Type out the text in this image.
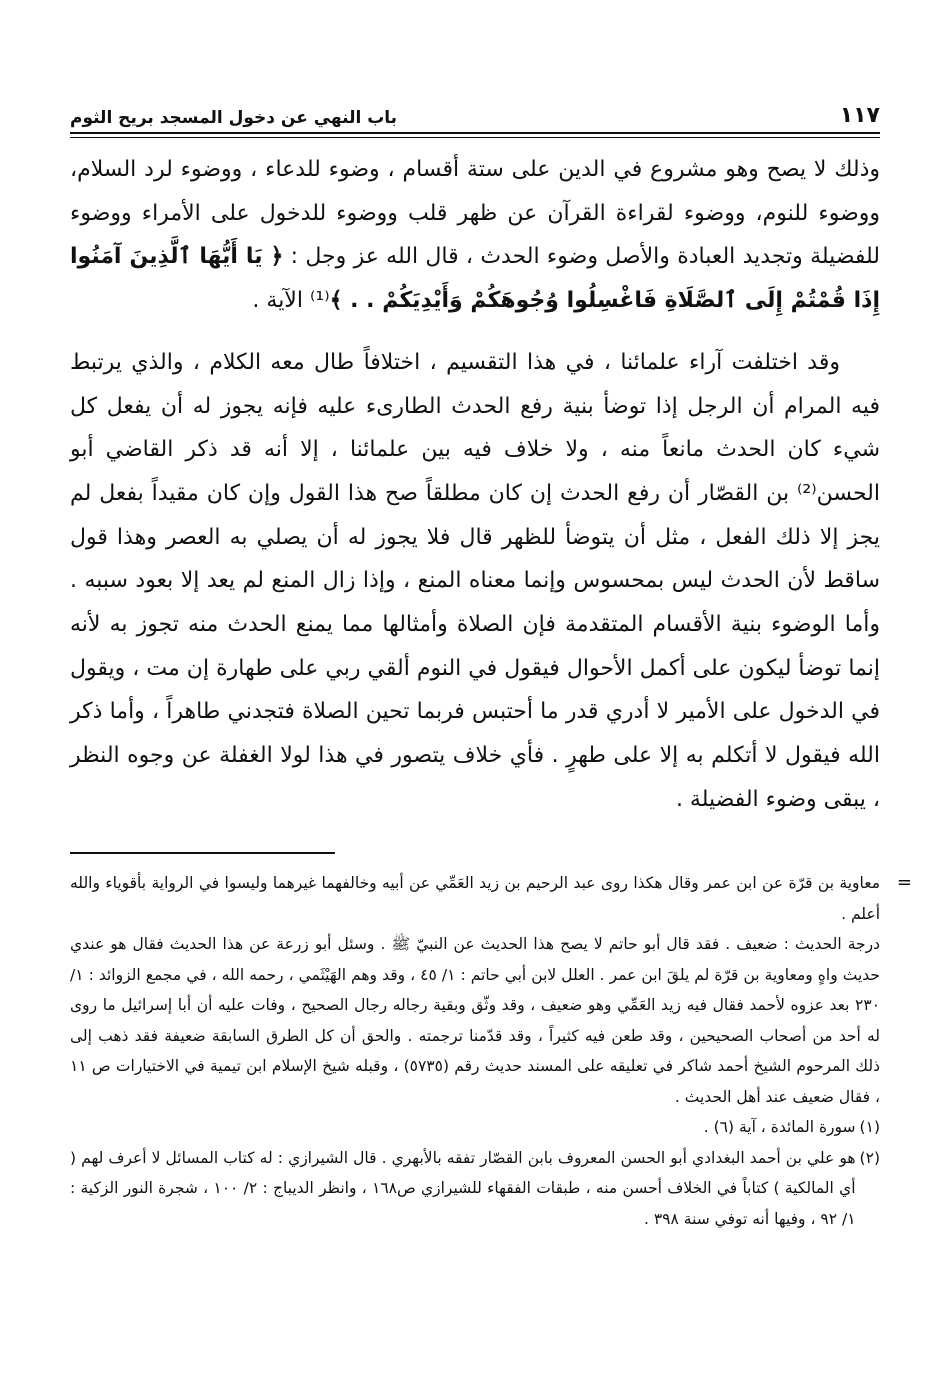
١١٧
باب النهي عن دخول المسجد بريح الثوم

وذلك لا يصح وهو مشروع في الدين على ستة أقسام ، وضوء للدعاء ، ووضوء لرد السلام، ووضوء للنوم، ووضوء لقراءة القرآن عن ظهر قلب ووضوء للدخول على الأمراء ووضوء للفضيلة وتجديد العبادة والأصل وضوء الحدث ، قال الله عز وجل : ﴿ يَا أَيُّهَا ٱلَّذِينَ آمَنُوا إِذَا قُمْتُمْ إِلَى ٱلصَّلَاةِ فَاغْسِلُوا وُجُوهَكُمْ وَأَيْدِيَكُمْ . . ﴾⁽¹⁾ الآية .

وقد اختلفت آراء علمائنا ، في هذا التقسيم ، اختلافاً طال معه الكلام ، والذي يرتبط فيه المرام أن الرجل إذا توضأ بنية رفع الحدث الطارىء عليه فإنه يجوز له أن يفعل كل شيء كان الحدث مانعاً منه ، ولا خلاف فيه بين علمائنا ، إلا أنه قد ذكر القاضي أبو الحسن⁽²⁾ بن القصّار أن رفع الحدث إن كان مطلقاً صح هذا القول وإن كان مقيداً بفعل لم يجز إلا ذلك الفعل ، مثل أن يتوضأ للظهر قال فلا يجوز له أن يصلي به العصر وهذا قول ساقط لأن الحدث ليس بمحسوس وإنما معناه المنع ، وإذا زال المنع لم يعد إلا بعود سببه . وأما الوضوء بنية الأقسام المتقدمة فإن الصلاة وأمثالها مما يمنع الحدث منه تجوز به لأنه إنما توضأ ليكون على أكمل الأحوال فيقول في النوم ألقي ربي على طهارة إن مت ، ويقول في الدخول على الأمير لا أدري قدر ما أحتبس فربما تحين الصلاة فتجدني طاهراً ، وأما ذكر الله فيقول لا أتكلم به إلا على طهرٍ . فأي خلاف يتصور في هذا لولا الغفلة عن وجوه النظر ، يبقى وضوء الفضيلة .

=

معاوية بن قرّة عن ابن عمر وقال هكذا روى عبد الرحيم بن زيد العَمِّي عن أبيه وخالفهما غيرهما وليسوا في الرواية بأقوياء والله أعلم .

درجة الحديث : ضعيف . فقد قال أبو حاتم لا يصح هذا الحديث عن النبيّ ﷺ . وسئل أبو زرعة عن هذا الحديث فقال هو عندي حديث واهٍ ومعاوية بن قرّة لم يلقَ ابن عمر . العلل لابن أبي حاتم : ١/ ٤٥ ، وقد وهم الهَيْثَمي ، رحمه الله ، في مجمع الزوائد : ١/ ٢٣٠ بعد عزوه لأحمد فقال فيه زيد العَمِّي وهو ضعيف ، وقد وثّق وبقية رجاله رجال الصحيح ، وفات عليه أن أبا إسرائيل ما روى له أحد من أصحاب الصحيحين ، وقد طعن فيه كثيراً ، وقد قدّمنا ترجمته . والحق أن كل الطرق السابقة ضعيفة فقد ذهب إلى ذلك المرحوم الشيخ أحمد شاكر في تعليقه على المسند حديث رقم (٥٧٣٥) ، وقبله شيخ الإسلام ابن تيمية في الاختيارات ص ١١ ، فقال ضعيف عند أهل الحديث .

(١)
سورة المائدة ، آية (٦) .
(٢)
هو علي بن أحمد البغدادي أبو الحسن المعروف بابن القصّار تفقه بالأبهري . قال الشيرازي : له كتاب المسائل لا أعرف لهم ( أي المالكية ) كتاباً في الخلاف أحسن منه ، طبقات الفقهاء للشيرازي ص١٦٨ ، وانظر الديباج : ٢/ ١٠٠ ، شجرة النور الزكية : ١/ ٩٢ ، وفيها أنه توفي سنة ٣٩٨ .
